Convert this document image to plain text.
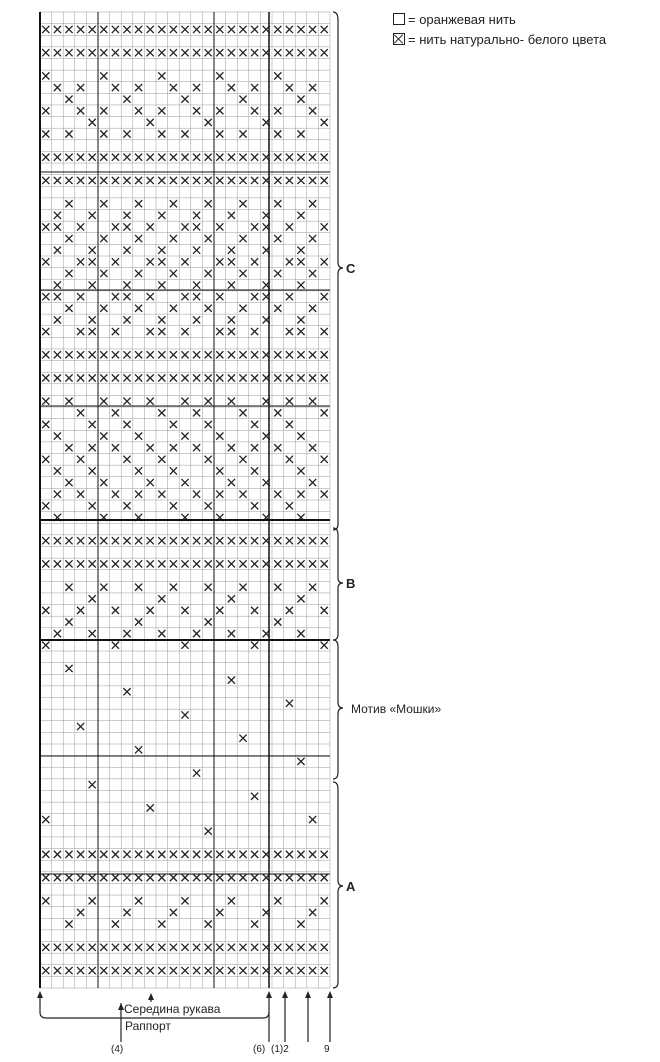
C
B
Мотив «Мошки»
A
Середина рукава
Раппорт
(4)	(6) (1)2	9
= оранжевая нить
= нить натурально- белого цвета
